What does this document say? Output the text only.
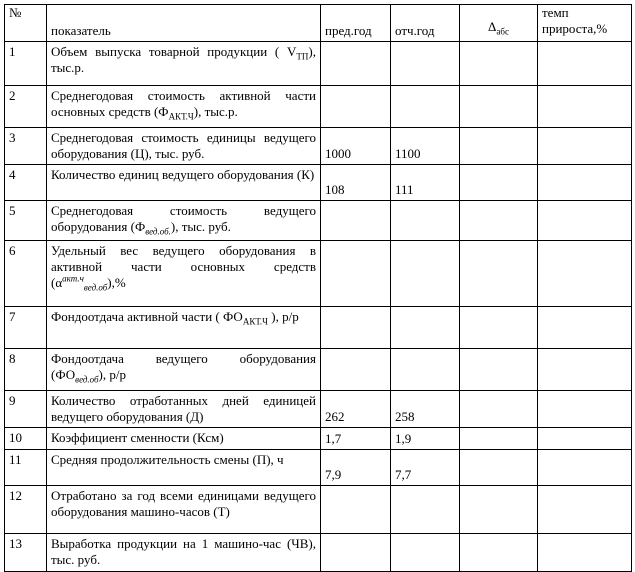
№	показатель	пред.год	отч.год	$\Delta_{абс}$	темп прироста,%
1	Объем выпуска товарной продукции ( $V_{ТП}$), тыс.р.				
2	Среднегодовая стоимость активной части основных средств $(Ф_{АКТ.Ч})$, тыс.р.				
3	Среднегодовая стоимость единицы ведущего оборудования (Ц), тыс. руб.	1000	1100		
4	Количество единиц ведущего оборудования (К)	108	111		
5	Среднегодовая стоимость ведущего оборудования $(Ф_{вед.об.})$, тыс. руб.				
6	Удельный вес ведущего оборудования в активной части основных средств $(\alpha^{акт.ч}_{вед.об}),\%$				
7	Фондоотдача активной части ( $ФО_{АКТ.Ч}$ ), р/р				
8	Фондоотдача ведущего оборудования $(ФО_{вед.об})$, р/р				
9	Количество отработанных дней единицей ведущего оборудования (Д)	262	258		
10	Коэффициент сменности (Ксм)	1,7	1,9		
11	Средняя продолжительность смены (П), ч	7,9	7,7		
12	Отработано за год всеми единицами ведущего оборудования машино-часов (Т)				
13	Выработка продукции на 1 машино-час (ЧВ), тыс. руб.				
